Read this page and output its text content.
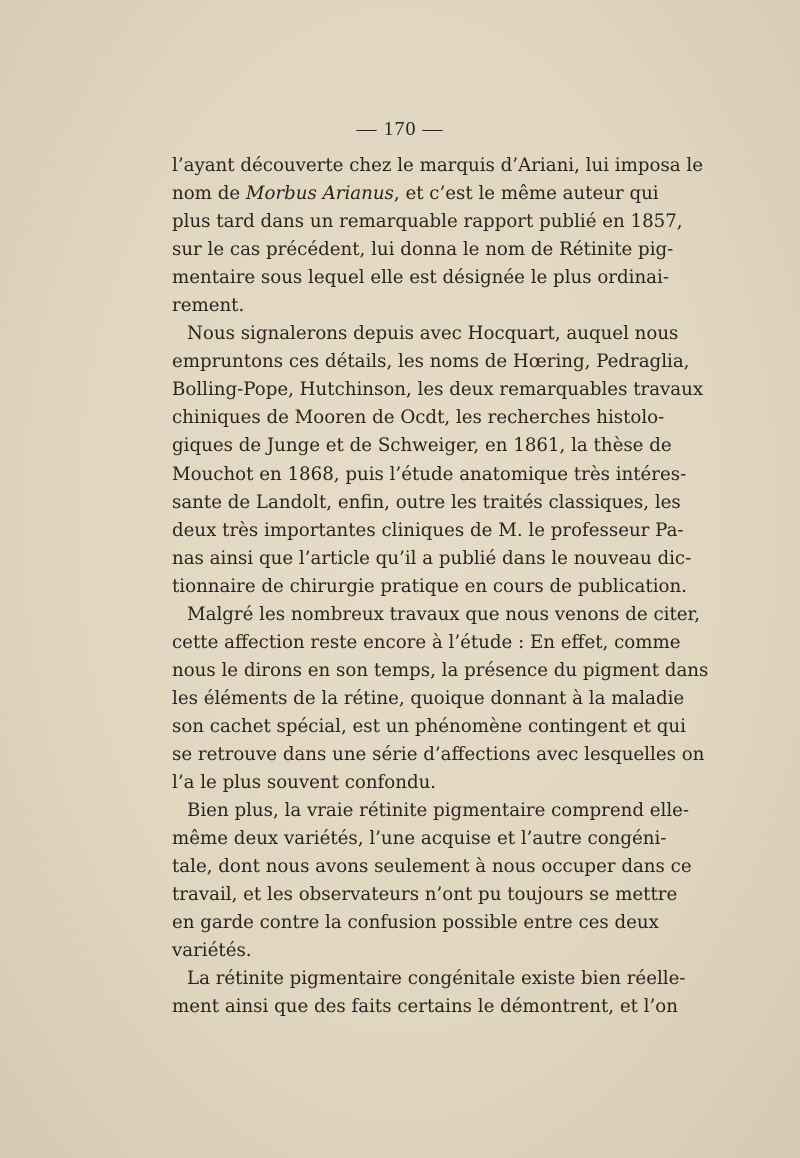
— 170 —
l’ayant découverte chez le marquis d’Ariani, lui imposa le
nom de Morbus Arianus, et c’est le même auteur qui
plus tard dans un remarquable rapport publié en 1857,
sur le cas précédent, lui donna le nom de Rétinite pig-
mentaire sous lequel elle est désignée le plus ordinai-
rement.
Nous signalerons depuis avec Hocquart, auquel nous
empruntons ces détails, les noms de Hœring, Pedraglia,
Bolling-Pope, Hutchinson, les deux remarquables travaux
chiniques de Mooren de Ocdt, les recherches histolo-
giques de Junge et de Schweiger, en 1861, la thèse de
Mouchot en 1868, puis l’étude anatomique très intéres-
sante de Landolt, enfin, outre les traités classiques, les
deux très importantes cliniques de M. le professeur Pa-
nas ainsi que l’article qu’il a publié dans le nouveau dic-
tionnaire de chirurgie pratique en cours de publication.
Malgré les nombreux travaux que nous venons de citer,
cette affection reste encore à l’étude : En effet, comme
nous le dirons en son temps, la présence du pigment dans
les éléments de la rétine, quoique donnant à la maladie
son cachet spécial, est un phénomène contingent et qui
se retrouve dans une série d’affections avec lesquelles on
l’a le plus souvent confondu.
Bien plus, la vraie rétinite pigmentaire comprend elle-
même deux variétés, l’une acquise et l’autre congéni-
tale, dont nous avons seulement à nous occuper dans ce
travail, et les observateurs n’ont pu toujours se mettre
en garde contre la confusion possible entre ces deux
variétés.
La rétinite pigmentaire congénitale existe bien réelle-
ment ainsi que des faits certains le démontrent, et l’on
